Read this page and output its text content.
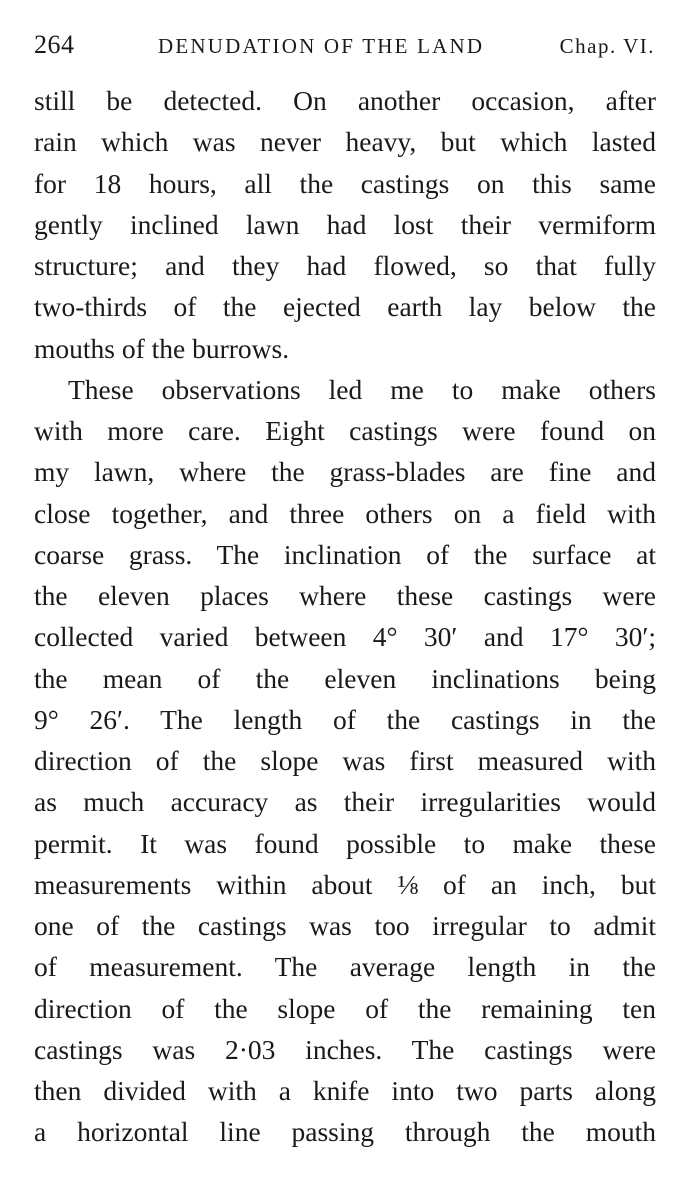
264	DENUDATION OF THE LAND	Chap. VI.
still be detected. On another occasion, after
rain which was never heavy, but which lasted
for 18 hours, all the castings on this same
gently inclined lawn had lost their vermiform
structure; and they had flowed, so that fully
two-thirds of the ejected earth lay below the
mouths of the burrows.
These observations led me to make others
with more care. Eight castings were found on
my lawn, where the grass-blades are fine and
close together, and three others on a field with
coarse grass. The inclination of the surface at
the eleven places where these castings were
collected varied between 4° 30′ and 17° 30′;
the mean of the eleven inclinations being
9° 26′. The length of the castings in the
direction of the slope was first measured with
as much accuracy as their irregularities would
permit. It was found possible to make these
measurements within about ⅛ of an inch, but
one of the castings was too irregular to admit
of measurement. The average length in the
direction of the slope of the remaining ten
castings was 2·03 inches. The castings were
then divided with a knife into two parts along
a horizontal line passing through the mouth
